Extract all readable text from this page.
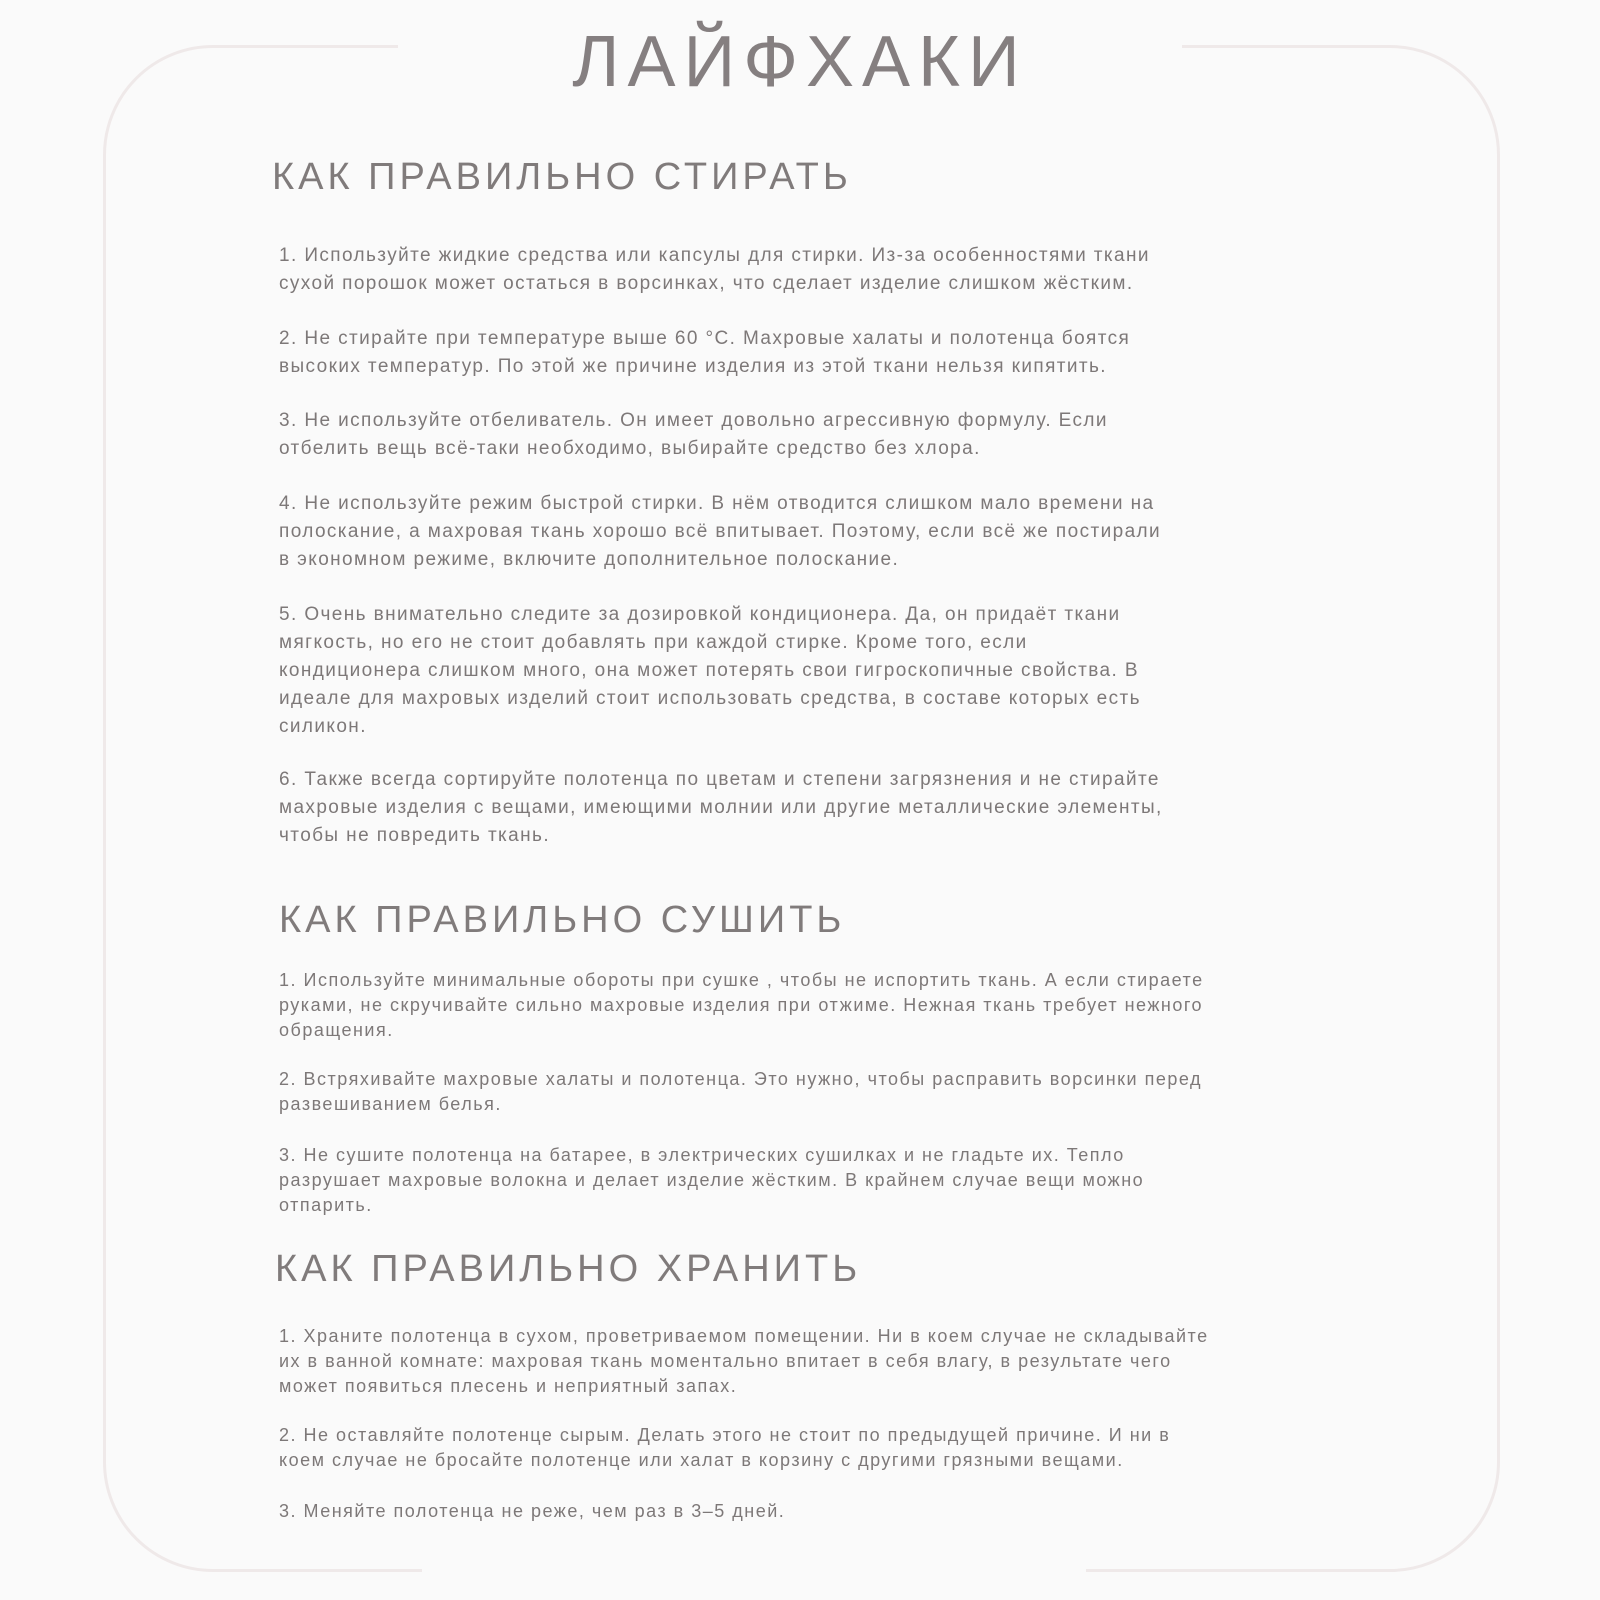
ЛАЙФХАКИ
КАК ПРАВИЛЬНО СТИРАТЬ

1. Используйте жидкие средства или капсулы для стирки. Из-за особенностями ткани
сухой порошок может остаться в ворсинках, что сделает изделие слишком жёстким.

2. Не стирайте при температуре выше 60 °С. Махровые халаты и полотенца боятся
высоких температур. По этой же причине изделия из этой ткани нельзя кипятить.

3. Не используйте отбеливатель. Он имеет довольно агрессивную формулу. Если
отбелить вещь всё-таки необходимо, выбирайте средство без хлора.

4. Не используйте режим быстрой стирки. В нём отводится слишком мало времени на
полоскание, а махровая ткань хорошо всё впитывает. Поэтому, если всё же постирали
в экономном режиме, включите дополнительное полоскание.

5. Очень внимательно следите за дозировкой кондиционера. Да, он придаёт ткани
мягкость, но его не стоит добавлять при каждой стирке. Кроме того, если
кондиционера слишком много, она может потерять свои гигроскопичные свойства. В
идеале для махровых изделий стоит использовать средства, в составе которых есть
силикон.

6. Также всегда сортируйте полотенца по цветам и степени загрязнения и не стирайте
махровые изделия с вещами, имеющими молнии или другие металлические элементы,
чтобы не повредить ткань.

КАК ПРАВИЛЬНО СУШИТЬ

1. Используйте минимальные обороты при сушке , чтобы не испортить ткань. А если стираете
руками, не скручивайте сильно махровые изделия при отжиме. Нежная ткань требует нежного
обращения.

2. Встряхивайте махровые халаты и полотенца. Это нужно, чтобы расправить ворсинки перед
развешиванием белья.

3. Не сушите полотенца на батарее, в электрических сушилках и не гладьте их. Тепло
разрушает махровые волокна и делает изделие жёстким. В крайнем случае вещи можно
отпарить.

КАК ПРАВИЛЬНО ХРАНИТЬ

1. Храните полотенца в сухом, проветриваемом помещении. Ни в коем случае не складывайте
их в ванной комнате: махровая ткань моментально впитает в себя влагу, в результате чего
может появиться плесень и неприятный запах.

2. Не оставляйте полотенце сырым. Делать этого не стоит по предыдущей причине. И ни в
коем случае не бросайте полотенце или халат в корзину с другими грязными вещами.

3. Меняйте полотенца не реже, чем раз в 3–5 дней.
